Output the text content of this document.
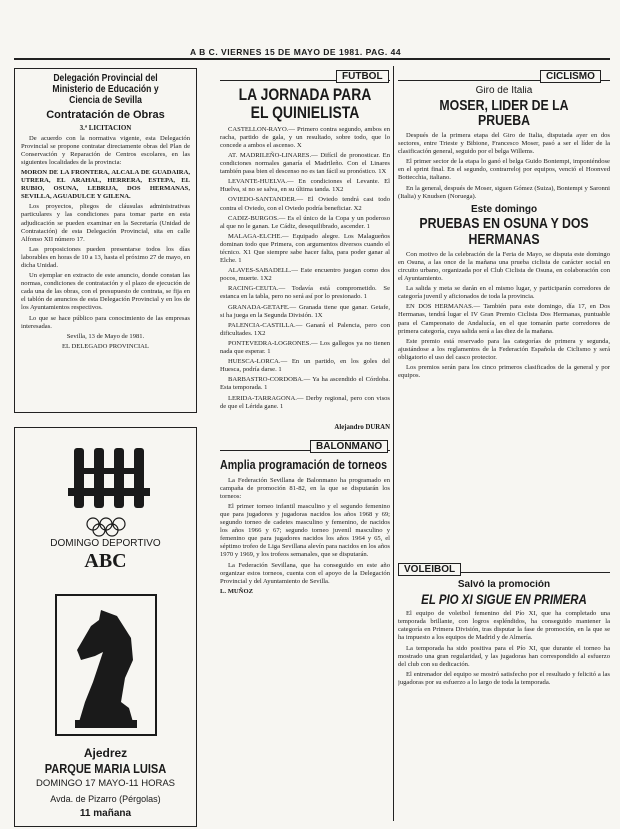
A B C. VIERNES 15 DE MAYO DE 1981. PAG. 44
Delegación Provincial del Ministerio de Educación y Ciencia de Sevilla
Contratación de Obras
3.ª LICITACION

De acuerdo con la normativa vigente, esta Delegación Provincial se propone contratar directamente obras del Plan de Conservación y Reparación de Centros escolares, en las siguientes localidades de la provincia:

MORON DE LA FRONTERA, ALCALA DE GUADAIRA, UTRERA, EL ARAHAL, HERRERA, ESTEPA, EL RUBIO, OSUNA, LEBRIJA, DOS HERMANAS, SEVILLA, AGUADULCE Y GILENA.

Los proyectos, pliegos de cláusulas administrativas particulares y las condiciones para tomar parte en esta adjudicación se pueden examinar en la Secretaría (Unidad de Contratación) de esta Delegación Provincial, sita en calle Alfonso XII número 17.

Las proposiciones pueden presentarse todos los días laborables en horas de 10 a 13, hasta el próximo 27 de mayo, en dicha Unidad.

Un ejemplar en extracto de este anuncio, donde constan las normas, condiciones de contratación y el plazo de ejecución de cada una de las obras, con el presupuesto de contrata, se fija en el tablón de anuncios de esta Delegación Provincial y en los de los Ayuntamientos respectivos.

Lo que se hace público para conocimiento de las empresas interesadas.

Sevilla, 13 de Mayo de 1981.

EL DELEGADO PROVINCIAL

DOMINGO DEPORTIVO
ABC
Ajedrez
PARQUE MARIA LUISA
DOMINGO 17 MAYO-11 HORAS
Avda. de Pizarro (Pérgolas)
11 mañana
FUTBOL
LA JORNADA PARA EL QUINIELISTA

CASTELLON-RAYO.— Primero contra segundo, ambos en racha, partido de gala, y un resultado, sobre todo, que lo concede a ambos el ascenso. X

AT. MADRILEÑO-LINARES.— Difícil de pronosticar. En condiciones normales ganaría el Madrileño. Con el Linares también pasa bien el descenso no es tan fácil su pronóstico. 1X

LEVANTE-HUELVA.— En condiciones el Levante. El Huelva, si no se salva, en su última tanda. 1X2

OVIEDO-SANTANDER.— El Oviedo tendrá casi todo contra el Oviedo, con el Oviedo podría beneficiar. X2

CADIZ-BURGOS.— Es el único de la Copa y un poderoso al que no le ganan. Le Cádiz, desequilibrado, ascender. 1

MALAGA-ELCHE.— Equipado alegre. Los Malagueños dominan todo que Primera, con argumentos diversos cuando el técnico. X1 Que siempre sabe hacer falta, para poder ganar al Elche. 1

ALAVES-SABADELL.— Este encuentro juegan como dos pocos, muerte. 1X2

RACING-CEUTA.— Todavía está comprometido. Se estanca en la tabla, pero no será así por lo presionado. 1

GRANADA-GETAFE.— Granada tiene que ganar. Getafe, si ha juega en la Segunda División. 1X

PALENCIA-CASTILLA.— Ganará el Palencia, pero con dificultades. 1X2

PONTEVEDRA-LOGRONES.— Los gallegos ya no tienen nada que esperar. 1

HUESCA-LORCA.— En un partido, en los goles del Huesca, podría darse. 1

BARBASTRO-CORDOBA.— Ya ha ascendido el Córdoba. Esta temporada. 1

LERIDA-TARRAGONA.— Derby regional, pero con visos de que el Lérida gane. 1

Alejandro DURAN
BALONMANO
Amplia programación de torneos

La Federación Sevillana de Balonmano ha programado en campaña de promoción 81-82, en la que se disputarán los torneos:

El primer torneo infantil masculino y el segundo femenino que para jugadores y jugadoras nacidos los años 1968 y 69; segundo torneo de cadetes masculino y femenino, de nacidos los años 1966 y 67; segundo torneo juvenil masculino y femenino que para jugadores nacidos los años 1964 y 65, el séptimo trofeo de Liga Sevillana alevín para nacidos en los años 1970 y 1969, y los trofeos semanales, que se disputarán.

La Federación Sevillana, que ha conseguido en este año organizar estos torneos, cuenta con el apoyo de la Delegación Provincial y del Ayuntamiento de Sevilla.

L. MUÑOZ

CICLISMO
Giro de Italia
MOSER, LIDER DE LA PRUEBA

Después de la primera etapa del Giro de Italia, disputada ayer en dos sectores, entre Trieste y Bibione, Francesco Moser, pasó a ser el líder de la clasificación general, seguido por el belga Willems.

El primer sector de la etapa lo ganó el belga Guido Bontempi, imponiéndose en el sprint final. En el segundo, contrarreloj por equipos, venció el Hoonved Bottecchia, italiano.

En la general, después de Moser, siguen Gómez (Suiza), Bontempi y Saronni (Italia) y Knudsen (Noruega).

Este domingo
PRUEBAS EN OSUNA Y DOS HERMANAS

Con motivo de la celebración de la Feria de Mayo, se disputa este domingo en Osuna, a las once de la mañana una prueba ciclista de carácter social en circuito urbano, organizada por el Club Ciclista de Osuna, en colaboración con el Ayuntamiento.

La salida y meta se darán en el mismo lugar, y participarán corredores de categoría juvenil y aficionados de toda la provincia.

EN DOS HERMANAS.— También para este domingo, día 17, en Dos Hermanas, tendrá lugar el IV Gran Premio Ciclista Dos Hermanas, puntuable para el Campeonato de Andalucía, en el que tomarán parte corredores de primera categoría, cuya salida será a las diez de la mañana.

Este premio está reservado para las categorías de primera y segunda, ajustándose a los reglamentos de la Federación Española de Ciclismo y será obligatorio el uso del casco protector.

Los premios serán para los cinco primeros clasificados de la general y por equipos.

VOLEIBOL
Salvó la promoción
EL PIO XI SIGUE EN PRIMERA

El equipo de voleibol femenino del Pío XI, que ha completado una temporada brillante, con logros espléndidos, ha conseguido mantener la categoría en Primera División, tras disputar la fase de promoción, en la que se ha impuesto a los equipos de Madrid y de Almería.

La temporada ha sido positiva para el Pío XI, que durante el torneo ha mostrado una gran regularidad, y las jugadoras han correspondido al esfuerzo del club con su dedicación.

El entrenador del equipo se mostró satisfecho por el resultado y felicitó a las jugadoras por su esfuerzo a lo largo de toda la temporada.
